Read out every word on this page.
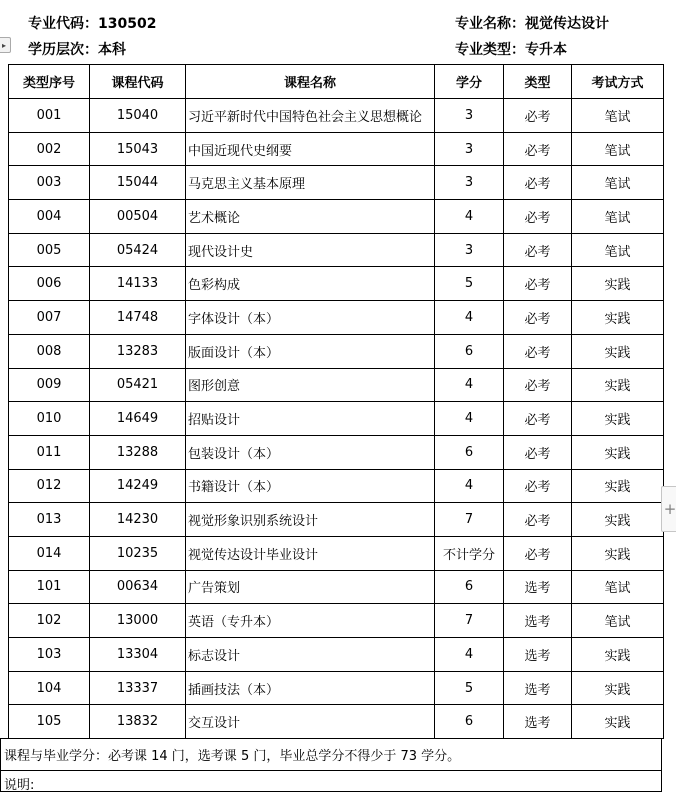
▸
专业代码：130502	专业名称：视觉传达设计
学历层次：本科	专业类型：专升本
类型序号	课程代码	课程名称	学分	类型	考试方式
001	15040	习近平新时代中国特色社会主义思想概论	3	必考	笔试
002	15043	中国近现代史纲要	3	必考	笔试
003	15044	马克思主义基本原理	3	必考	笔试
004	00504	艺术概论	4	必考	笔试
005	05424	现代设计史	3	必考	笔试
006	14133	色彩构成	5	必考	实践
007	14748	字体设计（本）	4	必考	实践
008	13283	版面设计（本）	6	必考	实践
009	05421	图形创意	4	必考	实践
010	14649	招贴设计	4	必考	实践
011	13288	包装设计（本）	6	必考	实践
012	14249	书籍设计（本）	4	必考	实践
013	14230	视觉形象识别系统设计	7	必考	实践
014	10235	视觉传达设计毕业设计	不计学分	必考	实践
101	00634	广告策划	6	选考	笔试
102	13000	英语（专升本）	7	选考	笔试
103	13304	标志设计	4	选考	实践
104	13337	插画技法（本）	5	选考	实践
105	13832	交互设计	6	选考	实践
课程与毕业学分：必考课 14 门，选考课 5 门，毕业总学分不得少于 73 学分。
说明:
+
